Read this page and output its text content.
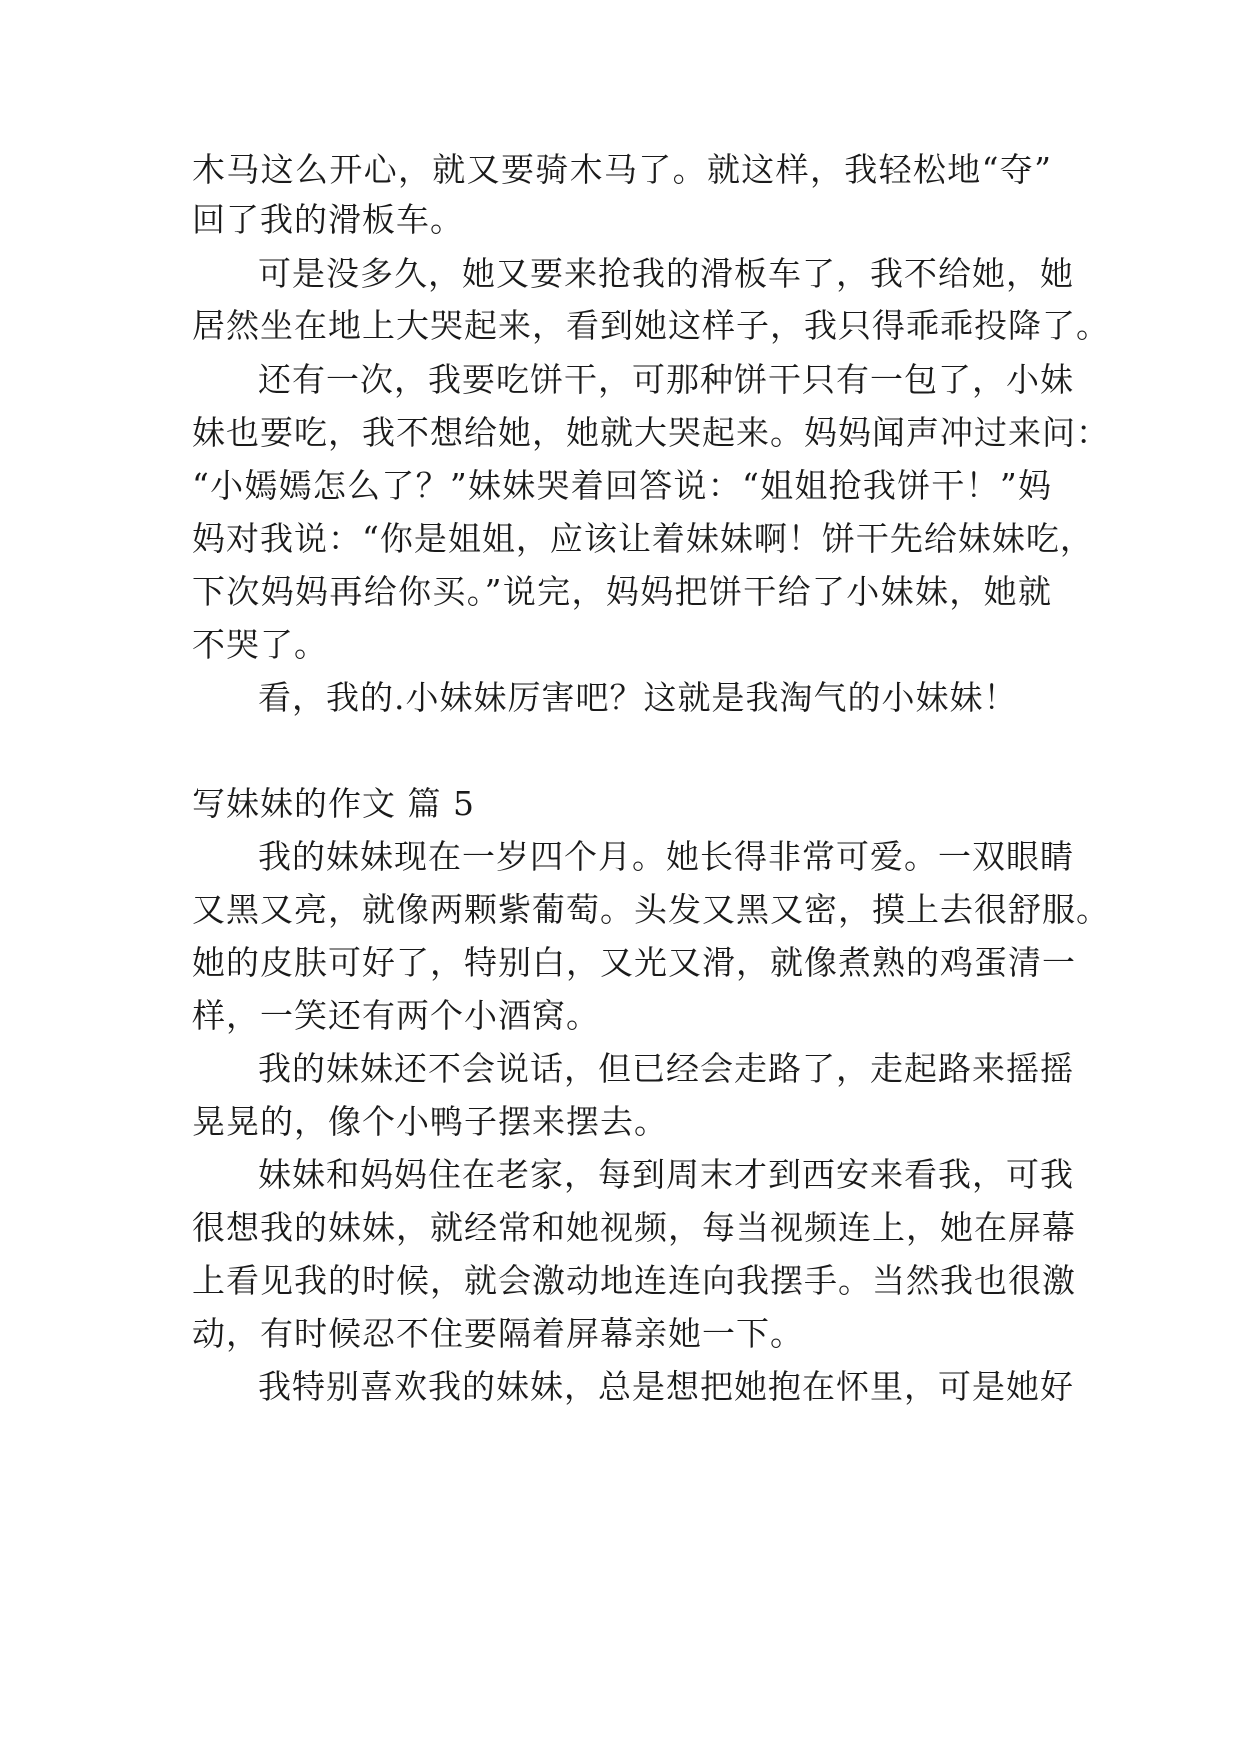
木马这么开心，就又要骑木马了。就这样，我轻松地“夺”
回了我的滑板车。
可是没多久，她又要来抢我的滑板车了，我不给她，她
居然坐在地上大哭起来，看到她这样子，我只得乖乖投降了。
还有一次，我要吃饼干，可那种饼干只有一包了，小妹
妹也要吃，我不想给她，她就大哭起来。妈妈闻声冲过来问：
“小嫣嫣怎么了？”妹妹哭着回答说：“姐姐抢我饼干！”妈
妈对我说：“你是姐姐，应该让着妹妹啊！饼干先给妹妹吃，
下次妈妈再给你买。”说完，妈妈把饼干给了小妹妹，她就
不哭了。
看，我的.小妹妹厉害吧？这就是我淘气的小妹妹！
写妹妹的作文 篇 5
我的妹妹现在一岁四个月。她长得非常可爱。一双眼睛
又黑又亮，就像两颗紫葡萄。头发又黑又密，摸上去很舒服。
她的皮肤可好了，特别白，又光又滑，就像煮熟的鸡蛋清一
样，一笑还有两个小酒窝。
我的妹妹还不会说话，但已经会走路了，走起路来摇摇
晃晃的，像个小鸭子摆来摆去。
妹妹和妈妈住在老家，每到周末才到西安来看我，可我
很想我的妹妹，就经常和她视频，每当视频连上，她在屏幕
上看见我的时候，就会激动地连连向我摆手。当然我也很激
动，有时候忍不住要隔着屏幕亲她一下。
我特别喜欢我的妹妹，总是想把她抱在怀里，可是她好
